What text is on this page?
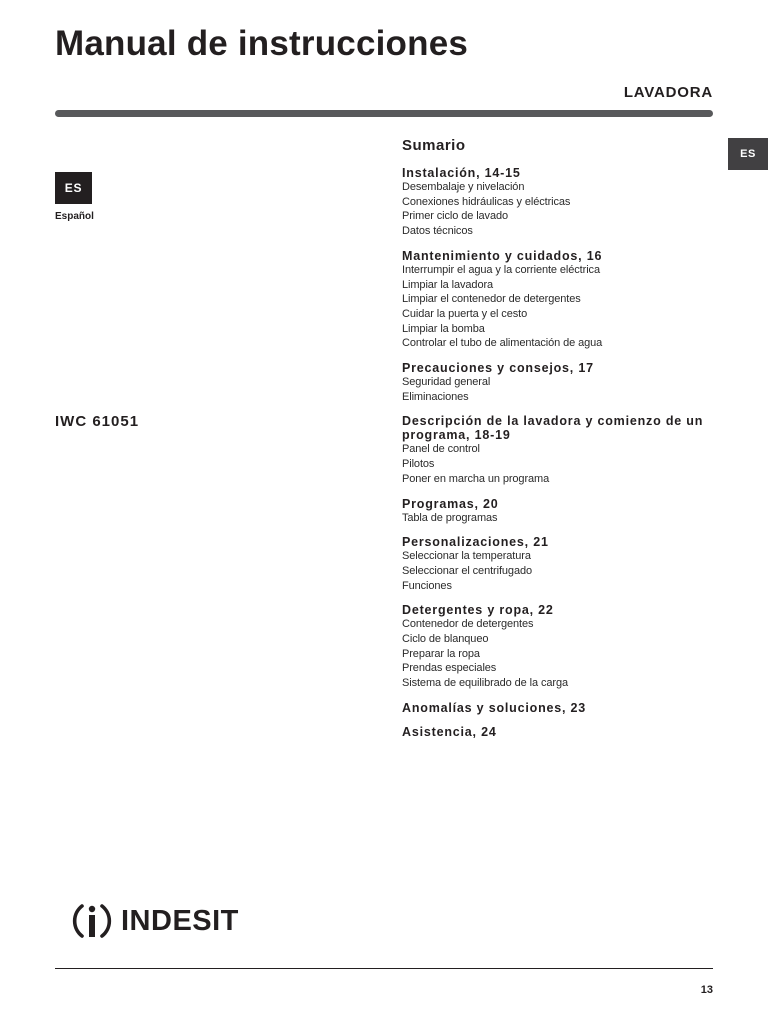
Manual de instrucciones
LAVADORA
ES
Español
ES
IWC 61051
Sumario
Instalación, 14-15
Desembalaje y nivelación
Conexiones hidráulicas y eléctricas
Primer ciclo de lavado
Datos técnicos
Mantenimiento y cuidados, 16
Interrumpir el agua y la corriente eléctrica
Limpiar la lavadora
Limpiar el contenedor de detergentes
Cuidar la puerta y el cesto
Limpiar la bomba
Controlar el tubo de alimentación de agua
Precauciones y consejos, 17
Seguridad general
Eliminaciones
Descripción de la lavadora y comienzo de un programa, 18-19
Panel de control
Pilotos
Poner en marcha un programa
Programas, 20
Tabla de programas
Personalizaciones, 21
Seleccionar la temperatura
Seleccionar el centrifugado
Funciones
Detergentes y ropa, 22
Contenedor de detergentes
Ciclo de blanqueo
Preparar la ropa
Prendas especiales
Sistema de equilibrado de la carga
Anomalías y soluciones, 23
Asistencia, 24
INDESIT
13
